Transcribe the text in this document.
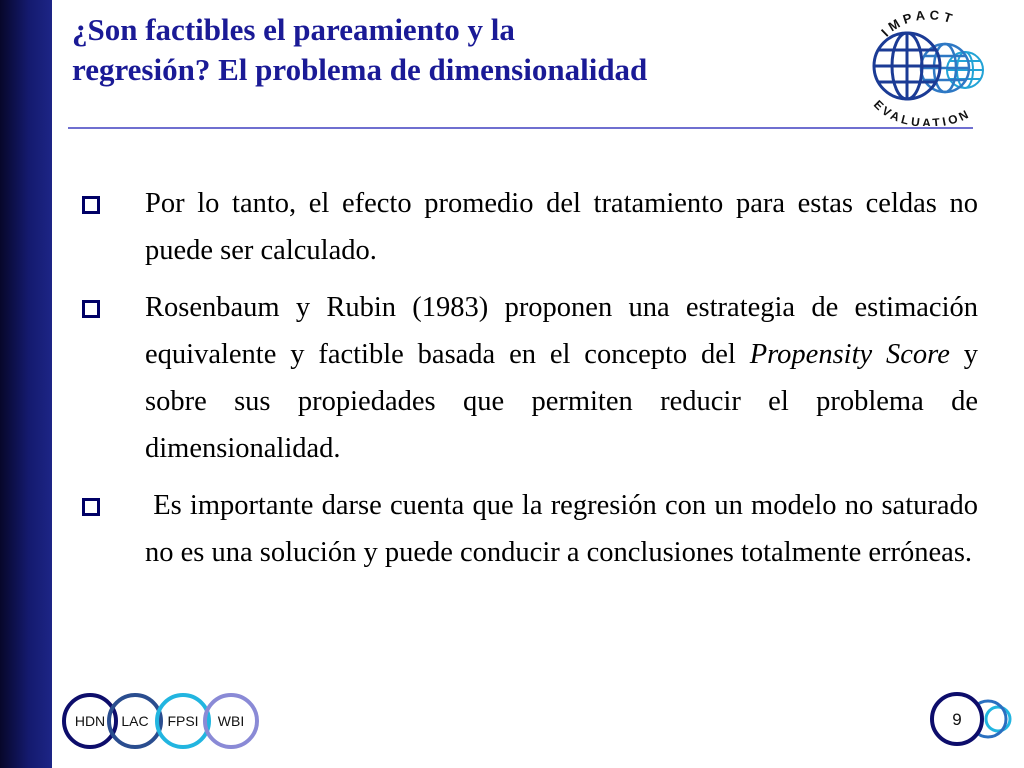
¿Son factibles el pareamiento y la
regresión? El problema de dimensionalidad
IMPACT
EVALUATION
Por lo tanto, el efecto promedio del tratamiento para estas celdas no puede ser calculado.
Rosenbaum y Rubin (1983) proponen una estrategia de estimación equivalente y factible basada en el concepto del Propensity Score y sobre sus propiedades que permiten reducir el problema de dimensionalidad.
Es importante darse cuenta que la regresión con un modelo no saturado no es una solución y puede conducir a conclusiones totalmente erróneas.
HDN LAC FPSI WBI	9
